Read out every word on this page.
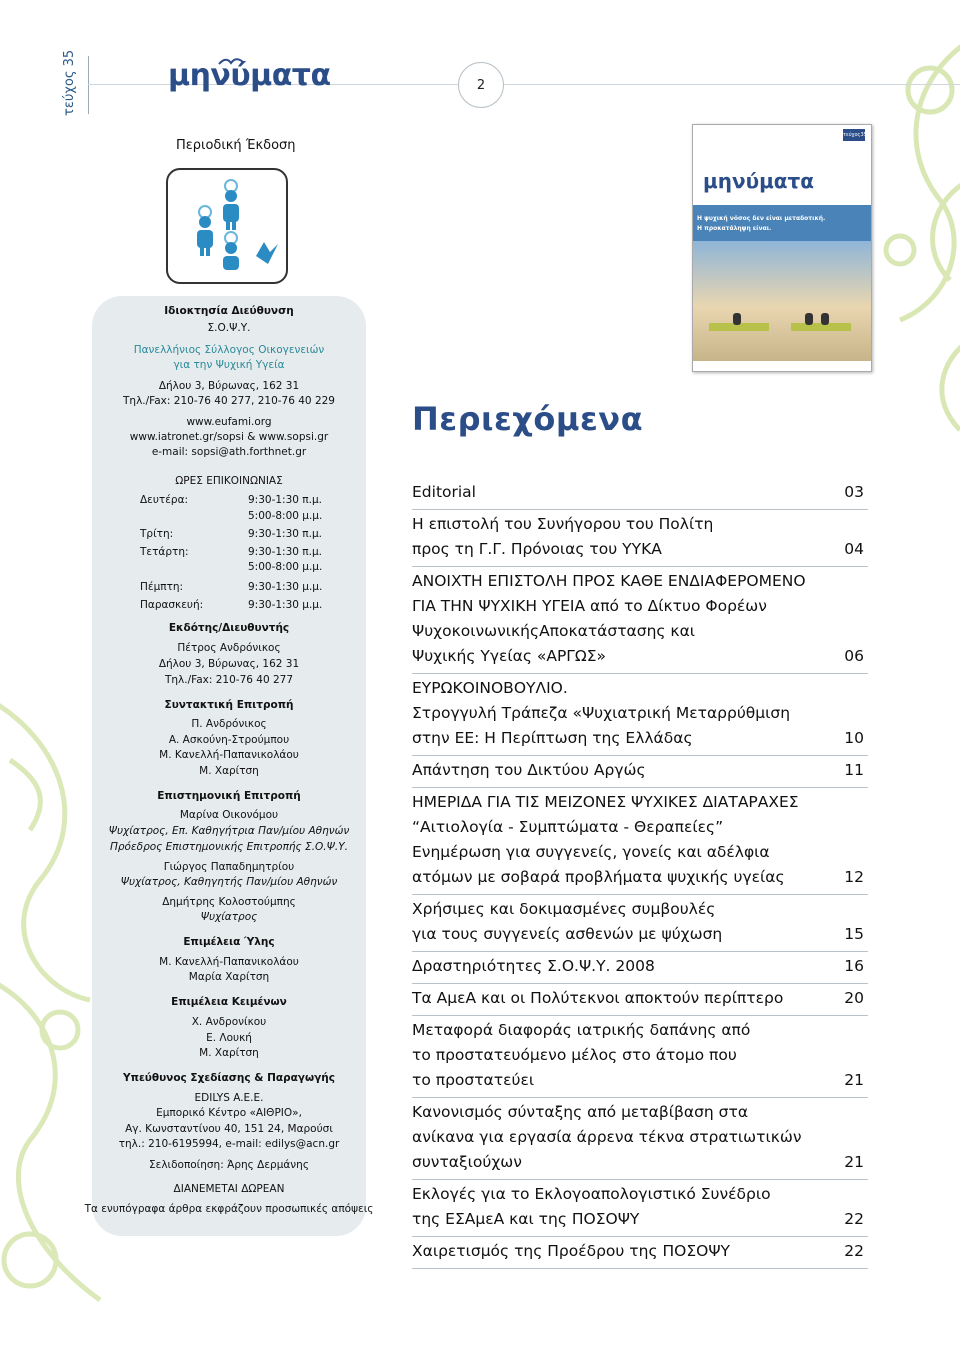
τεύχος 35	μηνύματα	2
Περιοδική Έκδοση
Ιδιοκτησία Διεύθυνση
Σ.Ο.Ψ.Υ.
Πανελλήνιος Σύλλογος Οικογενειών
για την Ψυχική Υγεία
Δήλου 3, Βύρωνας, 162 31
Τηλ./Fax: 210-76 40 277, 210-76 40 229
www.eufami.org
www.iatronet.gr/sopsi & www.sopsi.gr
e-mail: sopsi@ath.forthnet.gr
ΩΡΕΣ ΕΠΙΚΟΙΝΩΝΙΑΣ
Δευτέρα:	9:30-1:30 π.μ.
5:00-8:00 μ.μ.
Τρίτη:	9:30-1:30 π.μ.
Τετάρτη:	9:30-1:30 π.μ.
5:00-8:00 μ.μ.
Πέμπτη:	9:30-1:30 μ.μ.
Παρασκευή:	9:30-1:30 μ.μ.
Εκδότης/Διευθυντής
Πέτρος Ανδρόνικος
Δήλου 3, Βύρωνας, 162 31
Τηλ./Fax: 210-76 40 277
Συντακτική Επιτροπή
Π. Ανδρόνικος
Α. Ασκούνη-Στρούμπου
Μ. Κανελλή-Παπανικολάου
Μ. Χαρίτση
Επιστημονική Επιτροπή
Μαρίνα Οικονόμου
Ψυχίατρος, Επ. Καθηγήτρια Παν/μίου Αθηνών
Πρόεδρος Επιστημονικής Επιτροπής Σ.Ο.Ψ.Υ.
Γιώργος Παπαδημητρίου
Ψυχίατρος, Καθηγητής Παν/μίου Αθηνών
Δημήτρης Κολοστούμπης
Ψυχίατρος
Επιμέλεια Ύλης
Μ. Κανελλή-Παπανικολάου
Μαρία Χαρίτση
Επιμέλεια Κειμένων
Χ. Ανδρονίκου
Ε. Λουκή
Μ. Χαρίτση
Υπεύθυνος Σχεδίασης & Παραγωγής
EDILYS A.E.E.
Εμπορικό Κέντρο «ΑΙΘΡΙΟ»,
Αγ. Κωνσταντίνου 40, 151 24, Μαρούσι
τηλ.: 210-6195994, e-mail: edilys@acn.gr
Σελιδοποίηση: Άρης Δερμάνης
ΔΙΑΝΕΜΕΤΑΙ ΔΩΡΕΑΝ
Τα ενυπόγραφα άρθρα εκφράζουν προσωπικές απόψεις
τεύχος35
μηνύματα
Η ψυχική νόσος δεν είναι μεταδοτική.
Η προκατάληψη είναι.
Περιεχόμενα
Editorial	03
Η επιστολή του Συνήγορου του Πολίτη
προς τη Γ.Γ. Πρόνοιας του ΥΥΚΑ	04
ΑΝΟΙΧΤΗ ΕΠΙΣΤΟΛΗ ΠΡΟΣ ΚΑΘΕ ΕΝΔΙΑΦΕΡΟΜΕΝΟ
ΓΙΑ ΤΗΝ ΨΥΧΙΚΗ ΥΓΕΙΑ από το Δίκτυο Φορέων
ΨυχοκοινωνικήςΑποκατάστασης και
Ψυχικής Υγείας «ΑΡΓΩΣ»	06
ΕΥΡΩΚΟΙΝΟΒΟΥΛΙΟ.
Στρογγυλή Τράπεζα «Ψυχιατρική Μεταρρύθμιση
στην ΕΕ: Η Περίπτωση της Ελλάδας	10
Απάντηση του Δικτύου Αργώς	11
ΗΜΕΡΙΔΑ ΓΙΑ ΤΙΣ ΜΕΙΖΟΝΕΣ ΨΥΧΙΚΕΣ ΔΙΑΤΑΡΑΧΕΣ
“Αιτιολογία - Συμπτώματα - Θεραπείες”
Ενημέρωση για συγγενείς, γονείς και αδέλφια
ατόμων με σοβαρά προβλήματα ψυχικής υγείας	12
Χρήσιμες και δοκιμασμένες συμβουλές
για τους συγγενείς ασθενών με ψύχωση	15
Δραστηριότητες Σ.Ο.Ψ.Υ. 2008	16
Τα ΑμεΑ και οι Πολύτεκνοι αποκτούν περίπτερο	20
Μεταφορά διαφοράς ιατρικής δαπάνης από
το προστατευόμενο μέλος στο άτομο που
το προστατεύει	21
Κανονισμός σύνταξης από μεταβίβαση στα
ανίκανα για εργασία άρρενα τέκνα στρατιωτικών
συνταξιούχων	21
Εκλογές για το Εκλογοαπολογιστικό Συνέδριο
της ΕΣΑμεΑ και της ΠΟΣΟΨΥ	22
Χαιρετισμός της Προέδρου της ΠΟΣΟΨΥ	22
